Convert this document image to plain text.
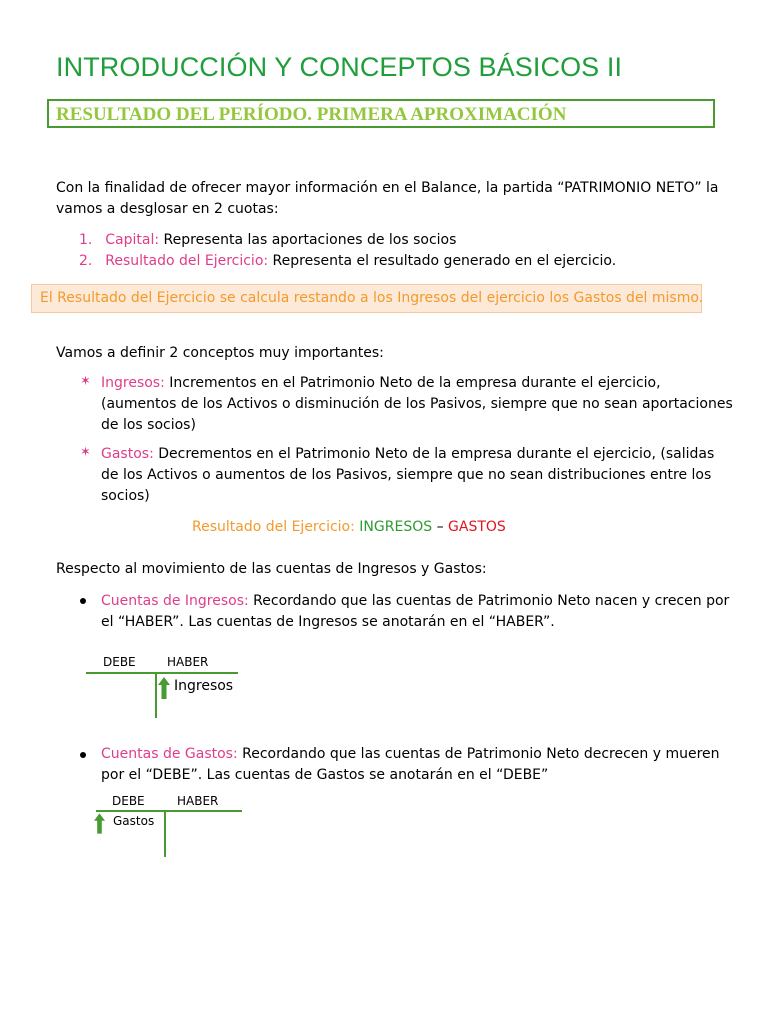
INTRODUCCIÓN Y CONCEPTOS BÁSICOS II
RESULTADO DEL PERÍODO. PRIMERA APROXIMACIÓN
Con la finalidad de ofrecer mayor información en el Balance, la partida “PATRIMONIO NETO” la
vamos a desglosar en 2 cuotas:
1. Capital: Representa las aportaciones de los socios
2. Resultado del Ejercicio: Representa el resultado generado en el ejercicio.
El Resultado del Ejercicio se calcula restando a los Ingresos del ejercicio los Gastos del mismo.
Vamos a definir 2 conceptos muy importantes:
✶ Ingresos: Incrementos en el Patrimonio Neto de la empresa durante el ejercicio,
(aumentos de los Activos o disminución de los Pasivos, siempre que no sean aportaciones
de los socios)
✶ Gastos: Decrementos en el Patrimonio Neto de la empresa durante el ejercicio, (salidas
de los Activos o aumentos de los Pasivos, siempre que no sean distribuciones entre los
socios)
Resultado del Ejercicio: INGRESOS – GASTOS
Respecto al movimiento de las cuentas de Ingresos y Gastos:
Cuentas de Ingresos: Recordando que las cuentas de Patrimonio Neto nacen y crecen por
el “HABER”. Las cuentas de Ingresos se anotarán en el “HABER”.
DEBE	HABER
Ingresos
Cuentas de Gastos: Recordando que las cuentas de Patrimonio Neto decrecen y mueren
por el “DEBE”. Las cuentas de Gastos se anotarán en el “DEBE”
DEBE	HABER
Gastos
